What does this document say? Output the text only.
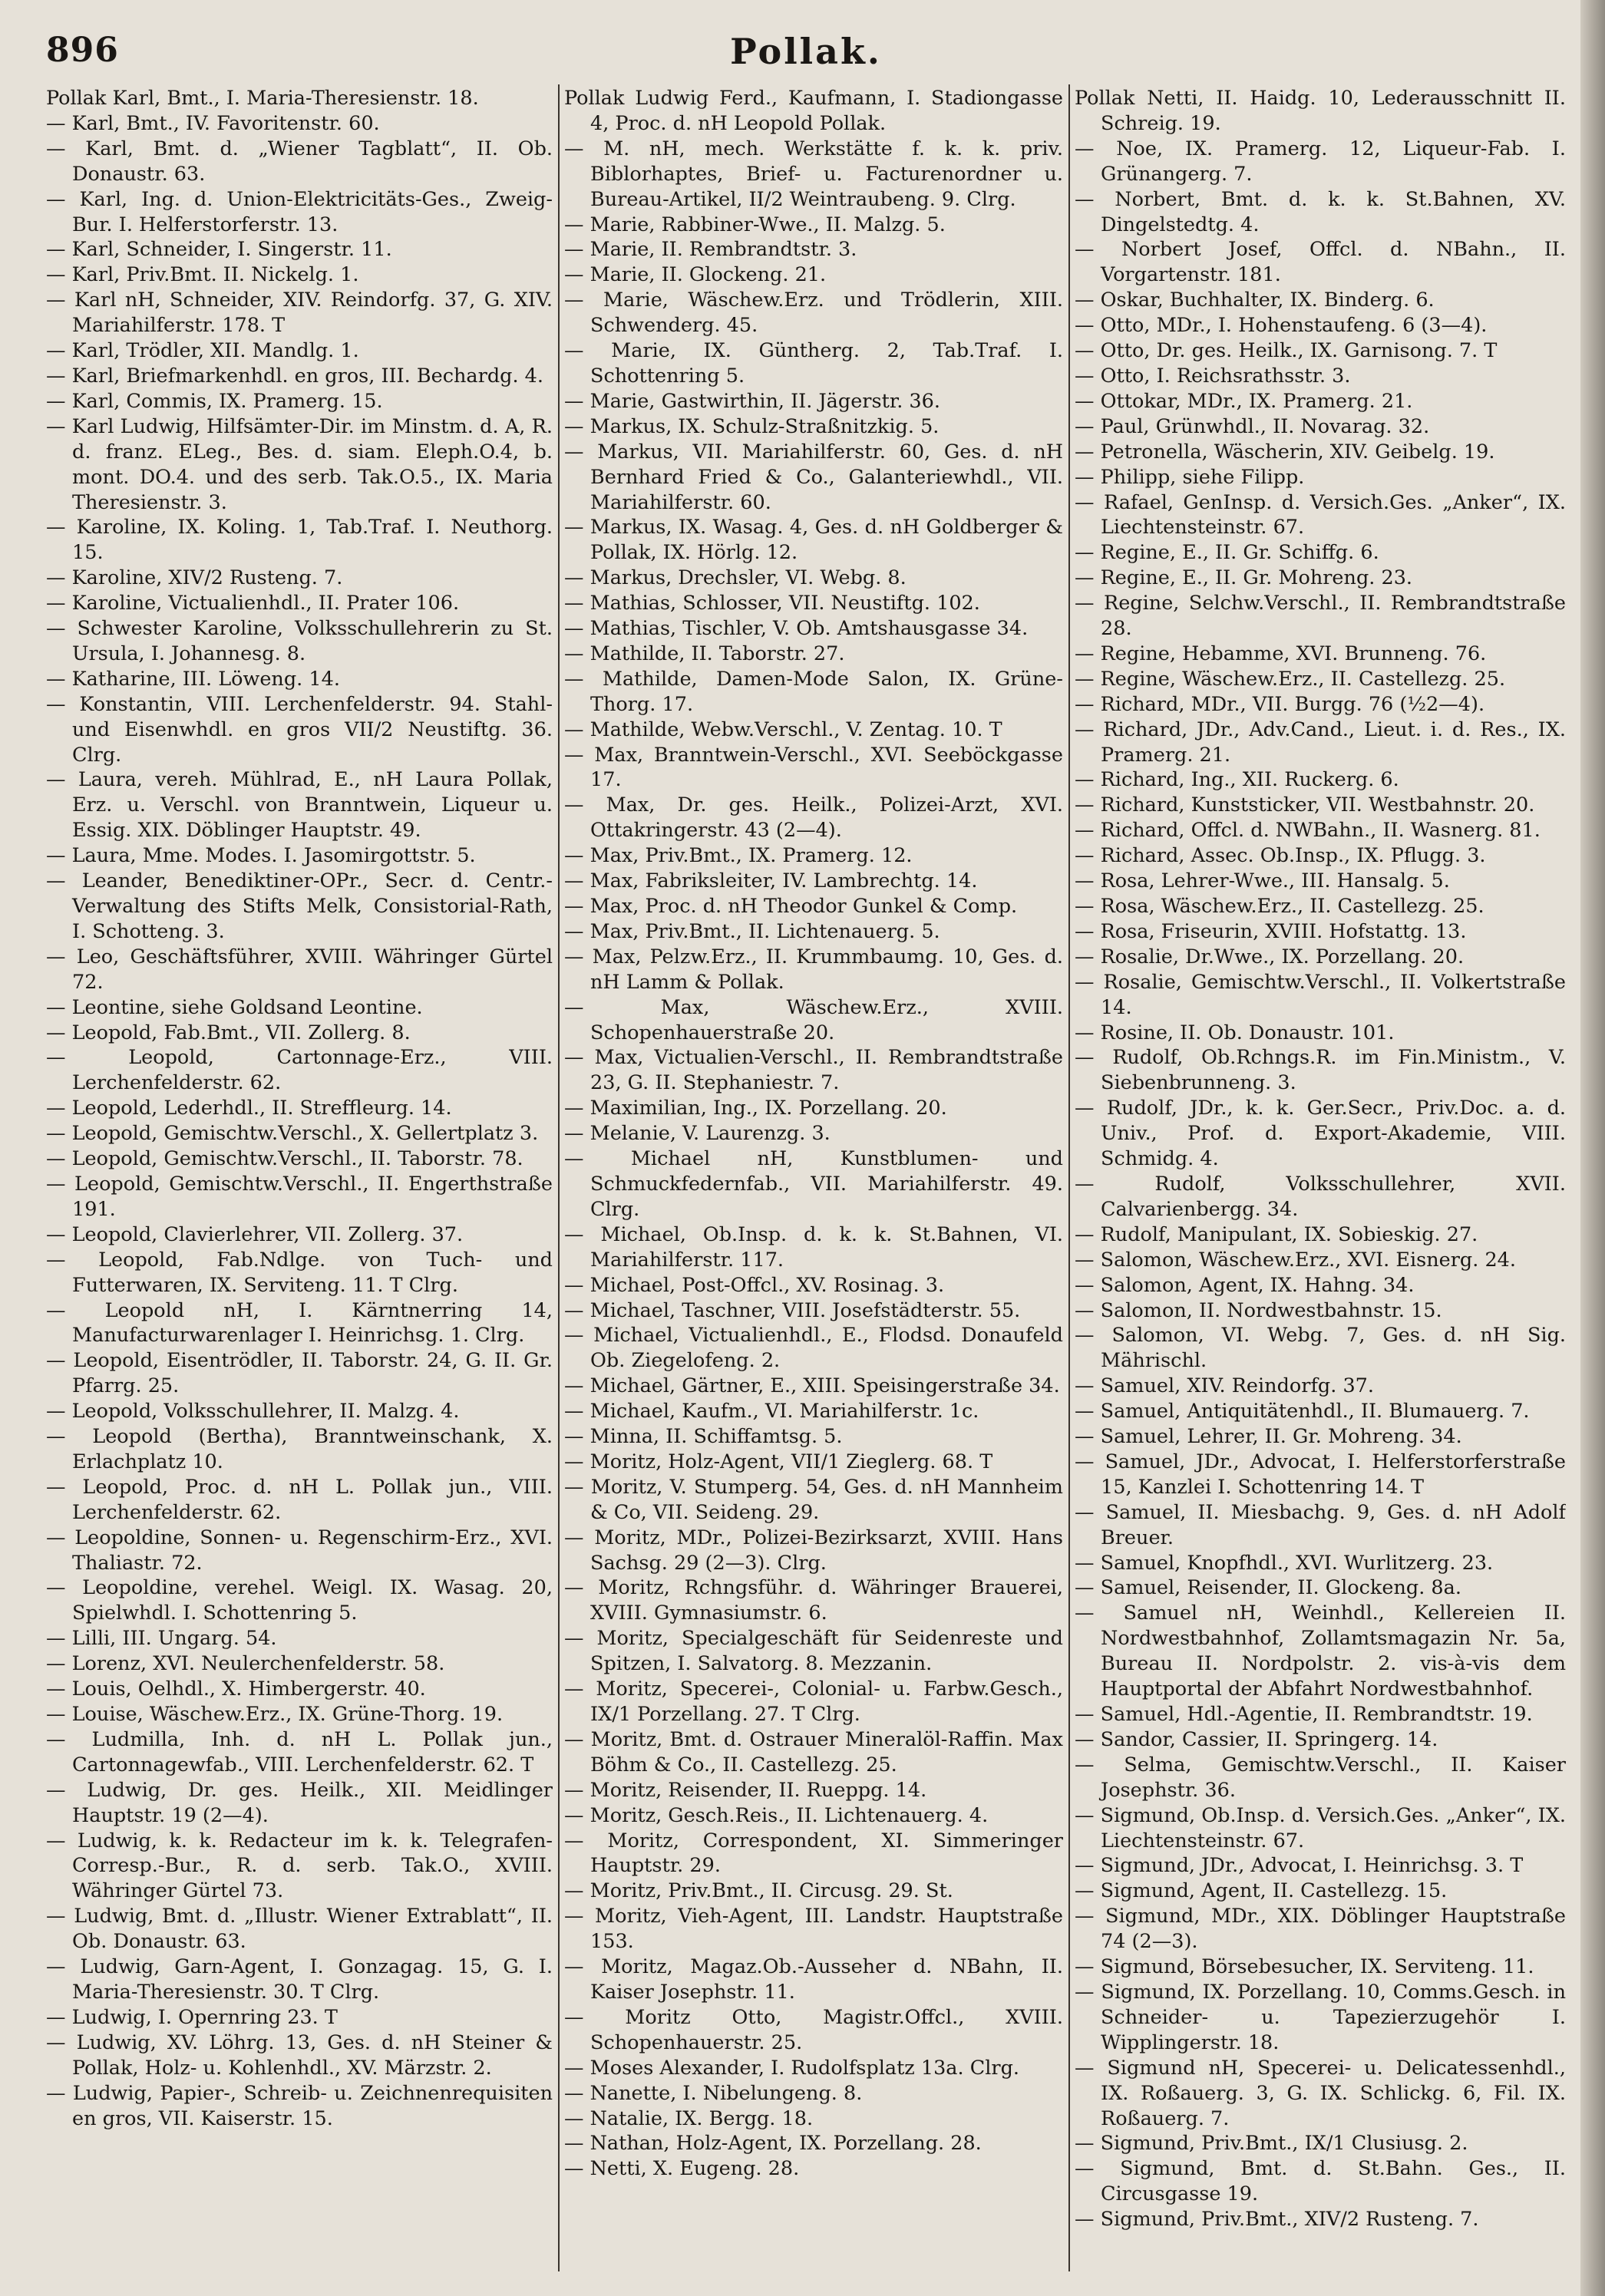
Pollak.
896
Pollak Karl, Bmt., I. Maria-Theresienstr. 18.
— Karl, Bmt., IV. Favoritenstr. 60.
— Karl, Bmt. d. „Wiener Tagblatt“, II. Ob. Donaustr. 63.
— Karl, Ing. d. Union-Elektricitäts-Ges., Zweig-Bur. I. Helferstorferstr. 13.
— Karl, Schneider, I. Singerstr. 11.
— Karl, Priv.Bmt. II. Nickelg. 1.
— Karl nH, Schneider, XIV. Reindorfg. 37, G. XIV. Mariahilferstr. 178. T
— Karl, Trödler, XII. Mandlg. 1.
— Karl, Briefmarkenhdl. en gros, III. Bechardg. 4.
— Karl, Commis, IX. Pramerg. 15.
— Karl Ludwig, Hilfsämter-Dir. im Minstm. d. A, R. d. franz. ELeg., Bes. d. siam. Eleph.O.4, b. mont. DO.4. und des serb. Tak.O.5., IX. Maria Theresienstr. 3.
— Karoline, IX. Koling. 1, Tab.Traf. I. Neuthorg. 15.
— Karoline, XIV/2 Rusteng. 7.
— Karoline, Victualienhdl., II. Prater 106.
— Schwester Karoline, Volksschullehrerin zu St. Ursula, I. Johannesg. 8.
— Katharine, III. Löweng. 14.
— Konstantin, VIII. Lerchenfelderstr. 94. Stahl- und Eisenwhdl. en gros VII/2 Neustiftg. 36. Clrg.
— Laura, vereh. Mühlrad, E., nH Laura Pollak, Erz. u. Verschl. von Branntwein, Liqueur u. Essig. XIX. Döblinger Hauptstr. 49.
— Laura, Mme. Modes. I. Jasomirgottstr. 5.
— Leander, Benediktiner-OPr., Secr. d. Centr.-Verwaltung des Stifts Melk, Consistorial-Rath, I. Schotteng. 3.
— Leo, Geschäftsführer, XVIII. Währinger Gürtel 72.
— Leontine, siehe Goldsand Leontine.
— Leopold, Fab.Bmt., VII. Zollerg. 8.
— Leopold, Cartonnage-Erz., VIII. Lerchenfelderstr. 62.
— Leopold, Lederhdl., II. Streffleurg. 14.
— Leopold, Gemischtw.Verschl., X. Gellertplatz 3.
— Leopold, Gemischtw.Verschl., II. Taborstr. 78.
— Leopold, Gemischtw.Verschl., II. Engerthstraße 191.
— Leopold, Clavierlehrer, VII. Zollerg. 37.
— Leopold, Fab.Ndlge. von Tuch- und Futterwaren, IX. Serviteng. 11. T Clrg.
— Leopold nH, I. Kärntnerring 14, Manufacturwarenlager I. Heinrichsg. 1. Clrg.
— Leopold, Eisentrödler, II. Taborstr. 24, G. II. Gr. Pfarrg. 25.
— Leopold, Volksschullehrer, II. Malzg. 4.
— Leopold (Bertha), Branntweinschank, X. Erlachplatz 10.
— Leopold, Proc. d. nH L. Pollak jun., VIII. Lerchenfelderstr. 62.
— Leopoldine, Sonnen- u. Regenschirm-Erz., XVI. Thaliastr. 72.
— Leopoldine, verehel. Weigl. IX. Wasag. 20, Spielwhdl. I. Schottenring 5.
— Lilli, III. Ungarg. 54.
— Lorenz, XVI. Neulerchenfelderstr. 58.
— Louis, Oelhdl., X. Himbergerstr. 40.
— Louise, Wäschew.Erz., IX. Grüne-Thorg. 19.
— Ludmilla, Inh. d. nH L. Pollak jun., Cartonnagewfab., VIII. Lerchenfelderstr. 62. T
— Ludwig, Dr. ges. Heilk., XII. Meidlinger Hauptstr. 19 (2—4).
— Ludwig, k. k. Redacteur im k. k. Telegrafen-Corresp.-Bur., R. d. serb. Tak.O., XVIII. Währinger Gürtel 73.
— Ludwig, Bmt. d. „Illustr. Wiener Extrablatt“, II. Ob. Donaustr. 63.
— Ludwig, Garn-Agent, I. Gonzagag. 15, G. I. Maria-Theresienstr. 30. T Clrg.
— Ludwig, I. Opernring 23. T
— Ludwig, XV. Löhrg. 13, Ges. d. nH Steiner & Pollak, Holz- u. Kohlenhdl., XV. Märzstr. 2.
— Ludwig, Papier-, Schreib- u. Zeichnenrequisiten en gros, VII. Kaiserstr. 15.
Pollak Ludwig Ferd., Kaufmann, I. Stadiongasse 4, Proc. d. nH Leopold Pollak.
— M. nH, mech. Werkstätte f. k. k. priv. Biblorhaptes, Brief- u. Facturenordner u. Bureau-Artikel, II/2 Weintraubeng. 9. Clrg.
— Marie, Rabbiner-Wwe., II. Malzg. 5.
— Marie, II. Rembrandtstr. 3.
— Marie, II. Glockeng. 21.
— Marie, Wäschew.Erz. und Trödlerin, XIII. Schwenderg. 45.
— Marie, IX. Güntherg. 2, Tab.Traf. I. Schottenring 5.
— Marie, Gastwirthin, II. Jägerstr. 36.
— Markus, IX. Schulz-Straßnitzkig. 5.
— Markus, VII. Mariahilferstr. 60, Ges. d. nH Bernhard Fried & Co., Galanteriewhdl., VII. Mariahilferstr. 60.
— Markus, IX. Wasag. 4, Ges. d. nH Goldberger & Pollak, IX. Hörlg. 12.
— Markus, Drechsler, VI. Webg. 8.
— Mathias, Schlosser, VII. Neustiftg. 102.
— Mathias, Tischler, V. Ob. Amtshausgasse 34.
— Mathilde, II. Taborstr. 27.
— Mathilde, Damen-Mode Salon, IX. Grüne-Thorg. 17.
— Mathilde, Webw.Verschl., V. Zentag. 10. T
— Max, Branntwein-Verschl., XVI. Seeböckgasse 17.
— Max, Dr. ges. Heilk., Polizei-Arzt, XVI. Ottakringerstr. 43 (2—4).
— Max, Priv.Bmt., IX. Pramerg. 12.
— Max, Fabriksleiter, IV. Lambrechtg. 14.
— Max, Proc. d. nH Theodor Gunkel & Comp.
— Max, Priv.Bmt., II. Lichtenauerg. 5.
— Max, Pelzw.Erz., II. Krummbaumg. 10, Ges. d. nH Lamm & Pollak.
— Max, Wäschew.Erz., XVIII. Schopenhauerstraße 20.
— Max, Victualien-Verschl., II. Rembrandtstraße 23, G. II. Stephaniestr. 7.
— Maximilian, Ing., IX. Porzellang. 20.
— Melanie, V. Laurenzg. 3.
— Michael nH, Kunstblumen- und Schmuckfedernfab., VII. Mariahilferstr. 49. Clrg.
— Michael, Ob.Insp. d. k. k. St.Bahnen, VI. Mariahilferstr. 117.
— Michael, Post-Offcl., XV. Rosinag. 3.
— Michael, Taschner, VIII. Josefstädterstr. 55.
— Michael, Victualienhdl., E., Flodsd. Donaufeld Ob. Ziegelofeng. 2.
— Michael, Gärtner, E., XIII. Speisingerstraße 34.
— Michael, Kaufm., VI. Mariahilferstr. 1c.
— Minna, II. Schiffamtsg. 5.
— Moritz, Holz-Agent, VII/1 Zieglerg. 68. T
— Moritz, V. Stumperg. 54, Ges. d. nH Mannheim & Co, VII. Seideng. 29.
— Moritz, MDr., Polizei-Bezirksarzt, XVIII. Hans Sachsg. 29 (2—3). Clrg.
— Moritz, Rchngsführ. d. Währinger Brauerei, XVIII. Gymnasiumstr. 6.
— Moritz, Specialgeschäft für Seidenreste und Spitzen, I. Salvatorg. 8. Mezzanin.
— Moritz, Specerei-, Colonial- u. Farbw.Gesch., IX/1 Porzellang. 27. T Clrg.
— Moritz, Bmt. d. Ostrauer Mineralöl-Raffin. Max Böhm & Co., II. Castellezg. 25.
— Moritz, Reisender, II. Rueppg. 14.
— Moritz, Gesch.Reis., II. Lichtenauerg. 4.
— Moritz, Correspondent, XI. Simmeringer Hauptstr. 29.
— Moritz, Priv.Bmt., II. Circusg. 29. St.
— Moritz, Vieh-Agent, III. Landstr. Hauptstraße 153.
— Moritz, Magaz.Ob.-Ausseher d. NBahn, II. Kaiser Josephstr. 11.
— Moritz Otto, Magistr.Offcl., XVIII. Schopenhauerstr. 25.
— Moses Alexander, I. Rudolfsplatz 13a. Clrg.
— Nanette, I. Nibelungeng. 8.
— Natalie, IX. Bergg. 18.
— Nathan, Holz-Agent, IX. Porzellang. 28.
— Netti, X. Eugeng. 28.
Pollak Netti, II. Haidg. 10, Lederausschnitt II. Schreig. 19.
— Noe, IX. Pramerg. 12, Liqueur-Fab. I. Grünangerg. 7.
— Norbert, Bmt. d. k. k. St.Bahnen, XV. Dingelstedtg. 4.
— Norbert Josef, Offcl. d. NBahn., II. Vorgartenstr. 181.
— Oskar, Buchhalter, IX. Binderg. 6.
— Otto, MDr., I. Hohenstaufeng. 6 (3—4).
— Otto, Dr. ges. Heilk., IX. Garnisong. 7. T
— Otto, I. Reichsrathsstr. 3.
— Ottokar, MDr., IX. Pramerg. 21.
— Paul, Grünwhdl., II. Novarag. 32.
— Petronella, Wäscherin, XIV. Geibelg. 19.
— Philipp, siehe Filipp.
— Rafael, GenInsp. d. Versich.Ges. „Anker“, IX. Liechtensteinstr. 67.
— Regine, E., II. Gr. Schiffg. 6.
— Regine, E., II. Gr. Mohreng. 23.
— Regine, Selchw.Verschl., II. Rembrandtstraße 28.
— Regine, Hebamme, XVI. Brunneng. 76.
— Regine, Wäschew.Erz., II. Castellezg. 25.
— Richard, MDr., VII. Burgg. 76 (½2—4).
— Richard, JDr., Adv.Cand., Lieut. i. d. Res., IX. Pramerg. 21.
— Richard, Ing., XII. Ruckerg. 6.
— Richard, Kunststicker, VII. Westbahnstr. 20.
— Richard, Offcl. d. NWBahn., II. Wasnerg. 81.
— Richard, Assec. Ob.Insp., IX. Pflugg. 3.
— Rosa, Lehrer-Wwe., III. Hansalg. 5.
— Rosa, Wäschew.Erz., II. Castellezg. 25.
— Rosa, Friseurin, XVIII. Hofstattg. 13.
— Rosalie, Dr.Wwe., IX. Porzellang. 20.
— Rosalie, Gemischtw.Verschl., II. Volkertstraße 14.
— Rosine, II. Ob. Donaustr. 101.
— Rudolf, Ob.Rchngs.R. im Fin.Ministm., V. Siebenbrunneng. 3.
— Rudolf, JDr., k. k. Ger.Secr., Priv.Doc. a. d. Univ., Prof. d. Export-Akademie, VIII. Schmidg. 4.
— Rudolf, Volksschullehrer, XVII. Calvarienbergg. 34.
— Rudolf, Manipulant, IX. Sobieskig. 27.
— Salomon, Wäschew.Erz., XVI. Eisnerg. 24.
— Salomon, Agent, IX. Hahng. 34.
— Salomon, II. Nordwestbahnstr. 15.
— Salomon, VI. Webg. 7, Ges. d. nH Sig. Mährischl.
— Samuel, XIV. Reindorfg. 37.
— Samuel, Antiquitätenhdl., II. Blumauerg. 7.
— Samuel, Lehrer, II. Gr. Mohreng. 34.
— Samuel, JDr., Advocat, I. Helferstorferstraße 15, Kanzlei I. Schottenring 14. T
— Samuel, II. Miesbachg. 9, Ges. d. nH Adolf Breuer.
— Samuel, Knopfhdl., XVI. Wurlitzerg. 23.
— Samuel, Reisender, II. Glockeng. 8a.
— Samuel nH, Weinhdl., Kellereien II. Nordwestbahnhof, Zollamtsmagazin Nr. 5a, Bureau II. Nordpolstr. 2. vis-à-vis dem Hauptportal der Abfahrt Nordwestbahnhof.
— Samuel, Hdl.-Agentie, II. Rembrandtstr. 19.
— Sandor, Cassier, II. Springerg. 14.
— Selma, Gemischtw.Verschl., II. Kaiser Josephstr. 36.
— Sigmund, Ob.Insp. d. Versich.Ges. „Anker“, IX. Liechtensteinstr. 67.
— Sigmund, JDr., Advocat, I. Heinrichsg. 3. T
— Sigmund, Agent, II. Castellezg. 15.
— Sigmund, MDr., XIX. Döblinger Hauptstraße 74 (2—3).
— Sigmund, Börsebesucher, IX. Serviteng. 11.
— Sigmund, IX. Porzellang. 10, Comms.Gesch. in Schneider- u. Tapezierzugehör I. Wipplingerstr. 18.
— Sigmund nH, Specerei- u. Delicatessenhdl., IX. Roßauerg. 3, G. IX. Schlickg. 6, Fil. IX. Roßauerg. 7.
— Sigmund, Priv.Bmt., IX/1 Clusiusg. 2.
— Sigmund, Bmt. d. St.Bahn. Ges., II. Circusgasse 19.
— Sigmund, Priv.Bmt., XIV/2 Rusteng. 7.
